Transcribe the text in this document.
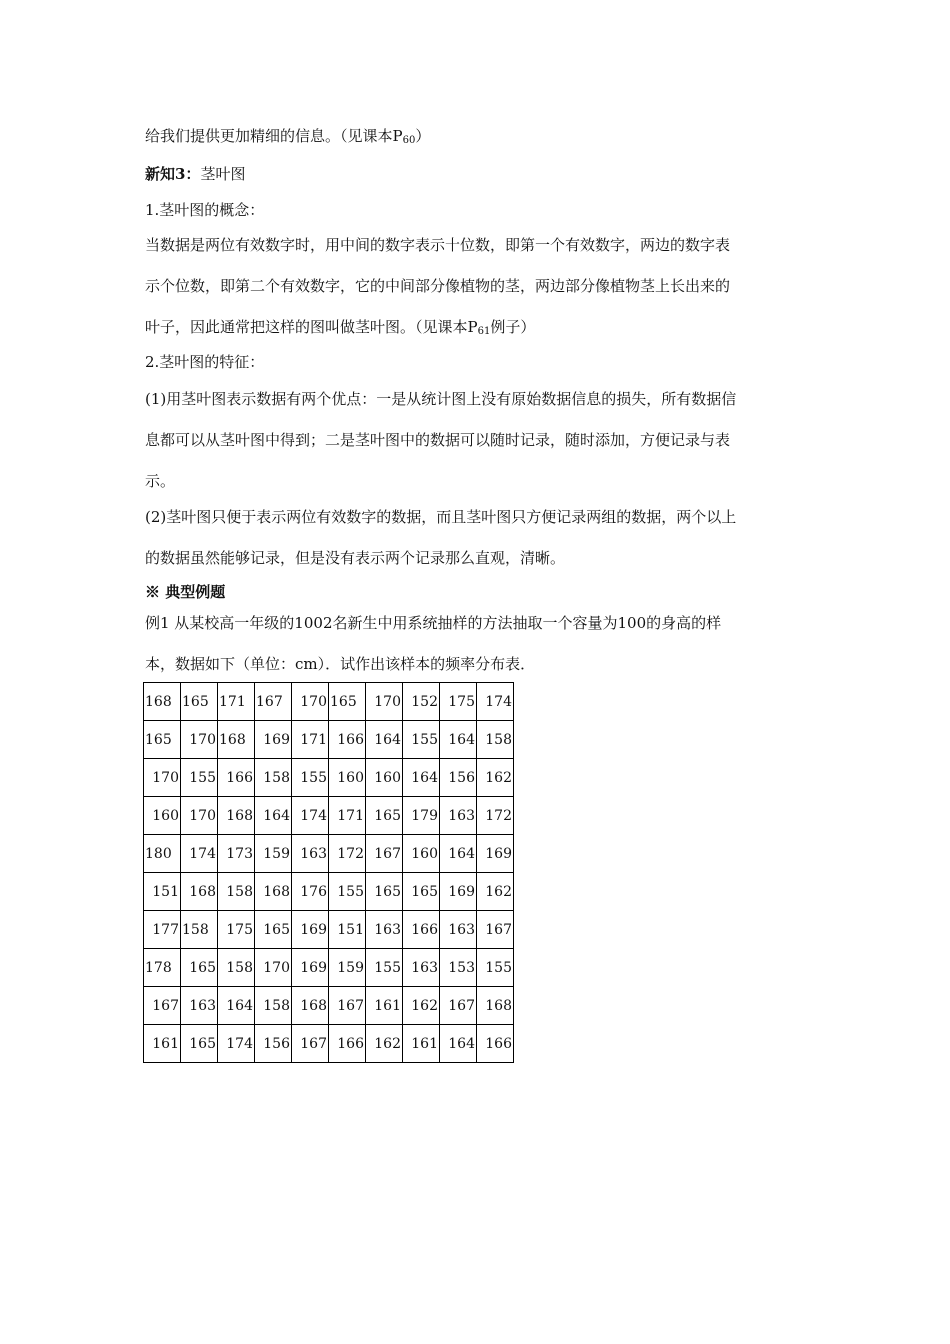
给我们提供更加精细的信息。（见课本$P_{60}$）
新知3：茎叶图
1.茎叶图的概念：
当数据是两位有效数字时，用中间的数字表示十位数，即第一个有效数字，两边的数字表
示个位数，即第二个有效数字，它的中间部分像植物的茎，两边部分像植物茎上长出来的
叶子，因此通常把这样的图叫做茎叶图。（见课本$P_{61}$例子）
2.茎叶图的特征：
(1)用茎叶图表示数据有两个优点：一是从统计图上没有原始数据信息的损失，所有数据信
息都可以从茎叶图中得到；二是茎叶图中的数据可以随时记录，随时添加，方便记录与表
示。
(2)茎叶图只便于表示两位有效数字的数据，而且茎叶图只方便记录两组的数据，两个以上
的数据虽然能够记录，但是没有表示两个记录那么直观，清晰。
※ 典型例题
例1 从某校高一年级的1002名新生中用系统抽样的方法抽取一个容量为100的身高的样
本，数据如下（单位：cm）．试作出该样本的频率分布表．
168	165	171	167	170	165	170	152	175	174
165	170	168	169	171	166	164	155	164	158
170	155	166	158	155	160	160	164	156	162
160	170	168	164	174	171	165	179	163	172
180	174	173	159	163	172	167	160	164	169
151	168	158	168	176	155	165	165	169	162
177	158	175	165	169	151	163	166	163	167
178	165	158	170	169	159	155	163	153	155
167	163	164	158	168	167	161	162	167	168
161	165	174	156	167	166	162	161	164	166
